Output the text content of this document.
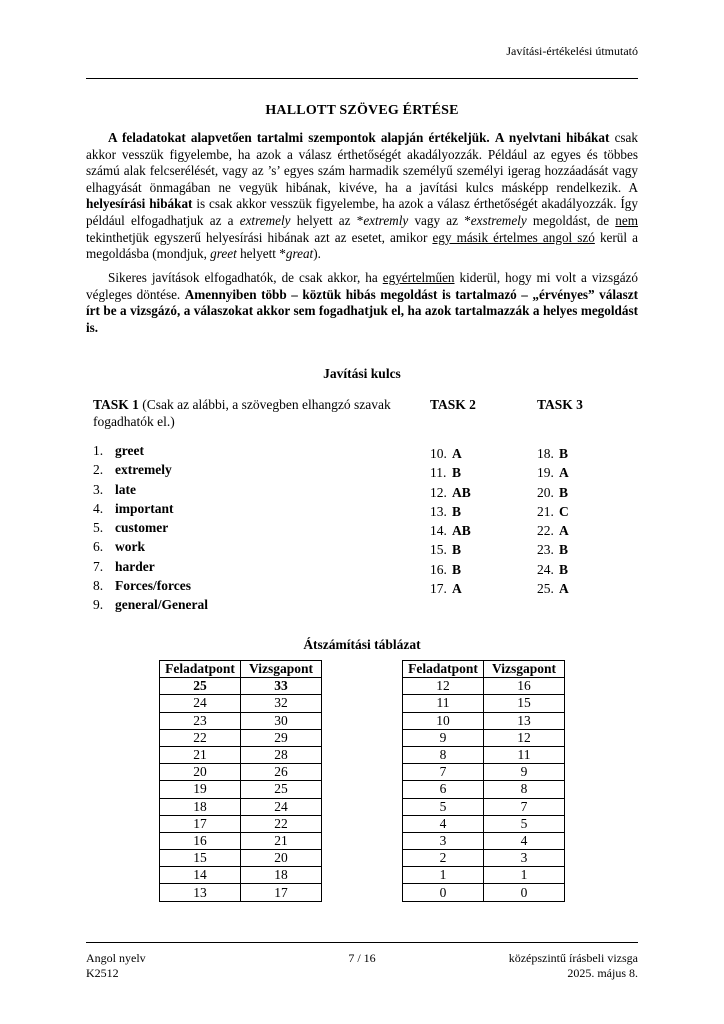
Javítási-értékelési útmutató
HALLOTT SZÖVEG ÉRTÉSE

A feladatokat alapvetően tartalmi szempontok alapján értékeljük. A nyelvtani hibákat csak akkor vesszük figyelembe, ha azok a válasz érthetőségét akadályozzák. Például az egyes és többes számú alak felcserélését, vagy az ’s’ egyes szám harmadik személyű személyi igerag hozzáadását vagy elhagyását önmagában ne vegyük hibának, kivéve, ha a javítási kulcs másképp rendelkezik. A helyesírási hibákat is csak akkor vesszük figyelembe, ha azok a válasz érthetőségét akadályozzák. Így például elfogadhatjuk az a extremely helyett az *extremly vagy az *exstremely megoldást, de nem tekinthetjük egyszerű helyesírási hibának azt az esetet, amikor egy másik értelmes angol szó kerül a megoldásba (mondjuk, greet helyett *great).

Sikeres javítások elfogadhatók, de csak akkor, ha egyértelműen kiderül, hogy mi volt a vizsgázó végleges döntése. Amennyiben több – köztük hibás megoldást is tartalmazó – „érvényes” választ írt be a vizsgázó, a válaszokat akkor sem fogadhatjuk el, ha azok tartalmazzák a helyes megoldást is.

Javítási kulcs
TASK 1 (Csak az alábbi, a szövegben elhangzó szavak fogadhatók el.)
TASK 2	TASK 3
1. greet
2. extremely
3. late
4. important
5. customer
6. work
7. harder
8. Forces/forces
9. general/General
10. A
11. B
12. AB
13. B
14. AB
15. B
16. B
17. A
18. B
19. A
20. B
21. C
22. A
23. B
24. B
25. A
Átszámítási táblázat
Feladatpont	Vizsgapont
25	33
24	32
23	30
22	29
21	28
20	26
19	25
18	24
17	22
16	21
15	20
14	18
13	17
Feladatpont	Vizsgapont
12	16
11	15
10	13
9	12
8	11
7	9
6	8
5	7
4	5
3	4
2	3
1	1
0	0
Angol nyelv
K2512
7 / 16	középszintű írásbeli vizsga
2025. május 8.
